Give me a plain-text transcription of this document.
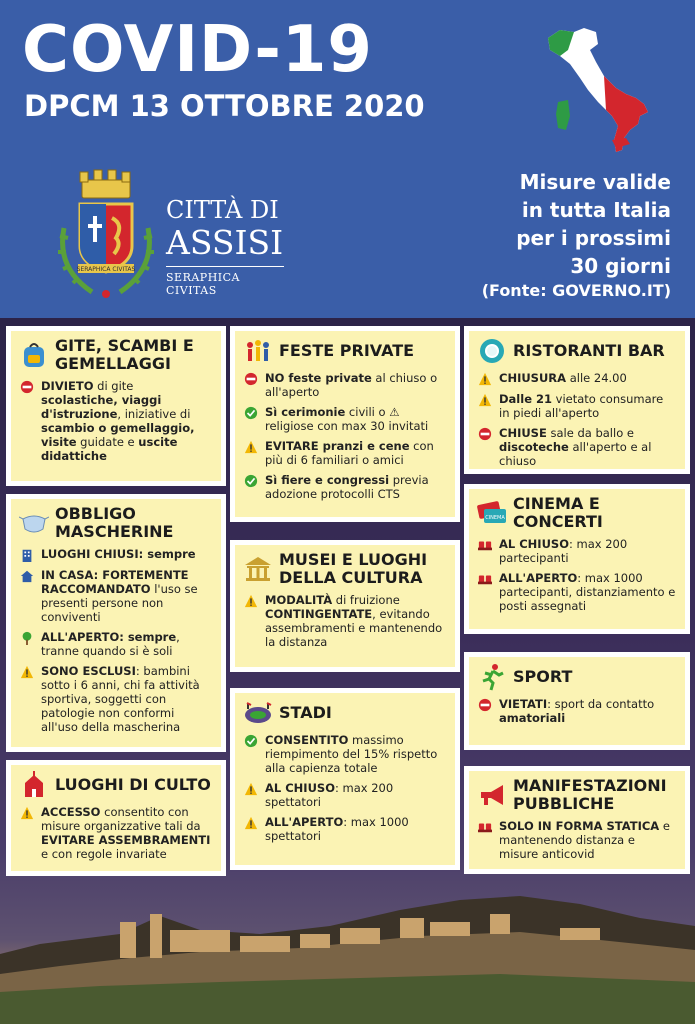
COVID-19
DPCM 13 OTTOBRE 2020
SERAPHICA CIVITAS
CITTÀ DI
ASSISI
SERAPHICA CIVITAS
Misure valide
in tutta Italia
per i prossimi
30 giorni
(Fonte: GOVERNO.IT)
GITE, SCAMBI E GEMELLAGGI
DIVIETO di gite scolastiche, viaggi d'istruzione, iniziative di scambio o gemellaggio, visite guidate e uscite didattiche
OBBLIGO MASCHERINE
LUOGHI CHIUSI: sempre
IN CASA: FORTEMENTE RACCOMANDATO l'uso se presenti persone non conviventi
ALL'APERTO: sempre, tranne quando si è soli
SONO ESCLUSI: bambini sotto i 6 anni, chi fa attività sportiva, soggetti con patologie non conformi all'uso della mascherina
LUOGHI DI CULTO
ACCESSO consentito con misure organizzative tali da EVITARE ASSEMBRAMENTI e con regole invariate
FESTE PRIVATE
NO feste private al chiuso o all'aperto
Sì cerimonie civili o ⚠ religiose con max 30 invitati
EVITARE pranzi e cene con più di 6 familiari o amici
Sì fiere e congressi previa adozione protocolli CTS
MUSEI E LUOGHI DELLA CULTURA
MODALITÀ di fruizione CONTINGENTATE, evitando assembramenti e mantenendo la distanza
STADI
CONSENTITO massimo riempimento del 15% rispetto alla capienza totale
AL CHIUSO: max 200 spettatori
ALL'APERTO: max 1000 spettatori
RISTORANTI BAR
CHIUSURA alle 24.00
Dalle 21 vietato consumare in piedi all'aperto
CHIUSE sale da ballo e discoteche all'aperto e al chiuso
CINEMA
CINEMA E CONCERTI
AL CHIUSO: max 200 partecipanti
ALL'APERTO: max 1000 partecipanti, distanziamento e posti assegnati
SPORT
VIETATI: sport da contatto amatoriali
MANIFESTAZIONI PUBBLICHE
SOLO IN FORMA STATICA e mantenendo distanza e misure anticovid
